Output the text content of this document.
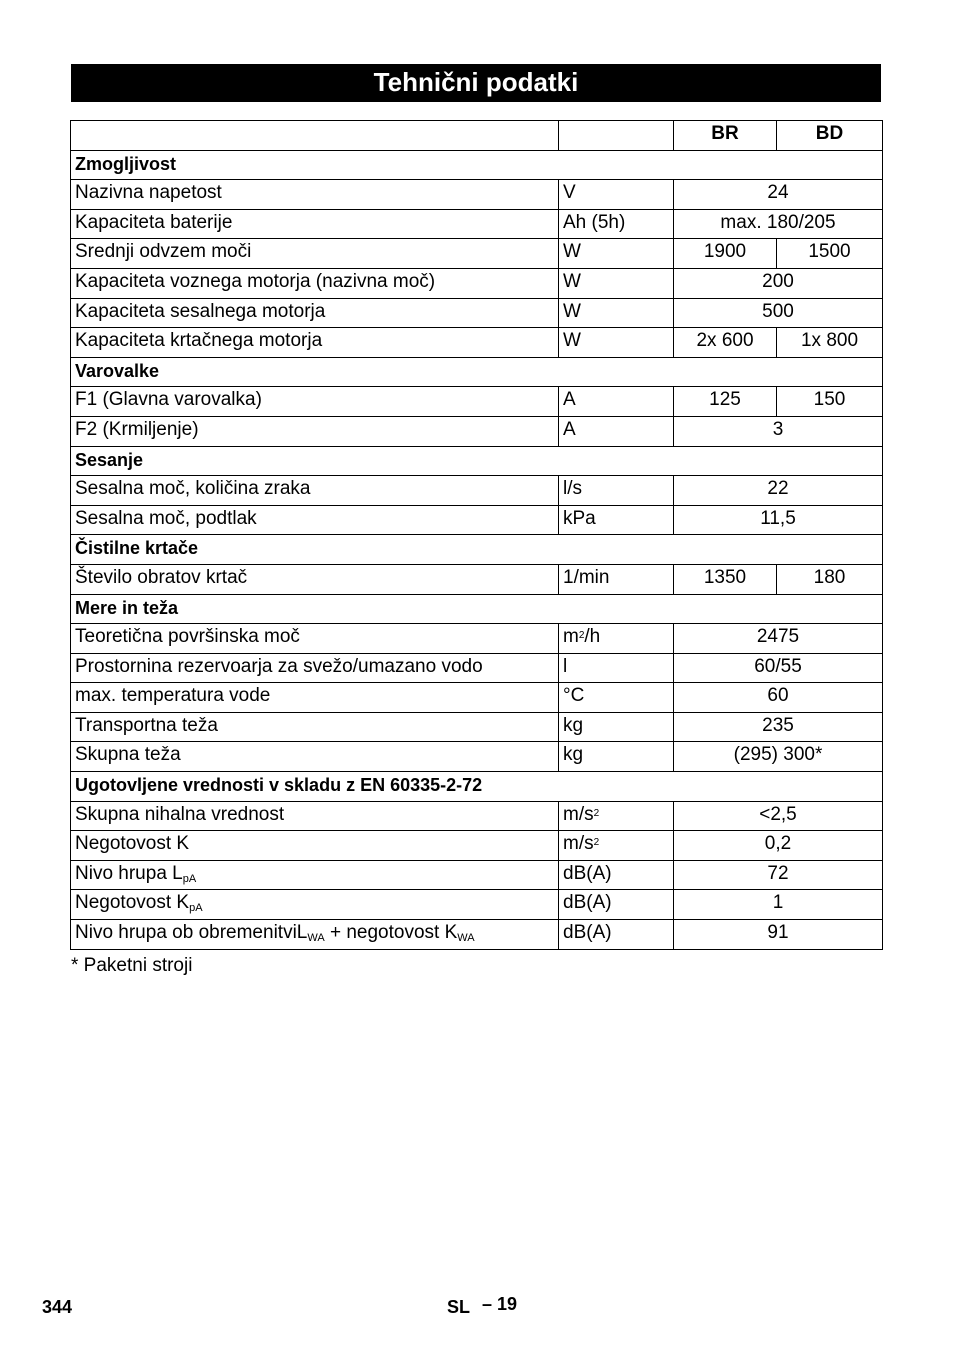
Tehnični podatki
		BR	BD
Zmogljivost			
Nazivna napetost	V	24	
Kapaciteta baterije	Ah (5h)	max. 180/205	
Srednji odvzem moči	W	1900	1500
Kapaciteta voznega motorja (nazivna moč)	W	200	
Kapaciteta sesalnega motorja	W	500	
Kapaciteta krtačnega motorja	W	2x 600	1x 800
Varovalke			
F1 (Glavna varovalka)	A	125	150
F2 (Krmiljenje)	A	3	
Sesanje			
Sesalna moč, količina zraka	l/s	22	
Sesalna moč, podtlak	kPa	11,5	
Čistilne krtače			
Število obratov krtač	1/min	1350	180
Mere in teža			
Teoretična površinska moč	$m^2/h$	2475	
Prostornina rezervoarja za svežo/umazano vodo	l	60/55	
max. temperatura vode	°C	60	
Transportna teža	kg	235	
Skupna teža	kg	(295) 300*	
Ugotovljene vrednosti v skladu z EN 60335-2-72			
Skupna nihalna vrednost	$m/s^2$	<2,5	
Negotovost K	$m/s^2$	0,2	
Nivo hrupa $L_{pA}$	dB(A)	72	
Negotovost $K_{pA}$	dB(A)	1	
Nivo hrupa ob obremenitviL$_{WA}$ + negotovost $K_{WA}$	dB(A)	91	
* Paketni stroji
344	SL – 19
